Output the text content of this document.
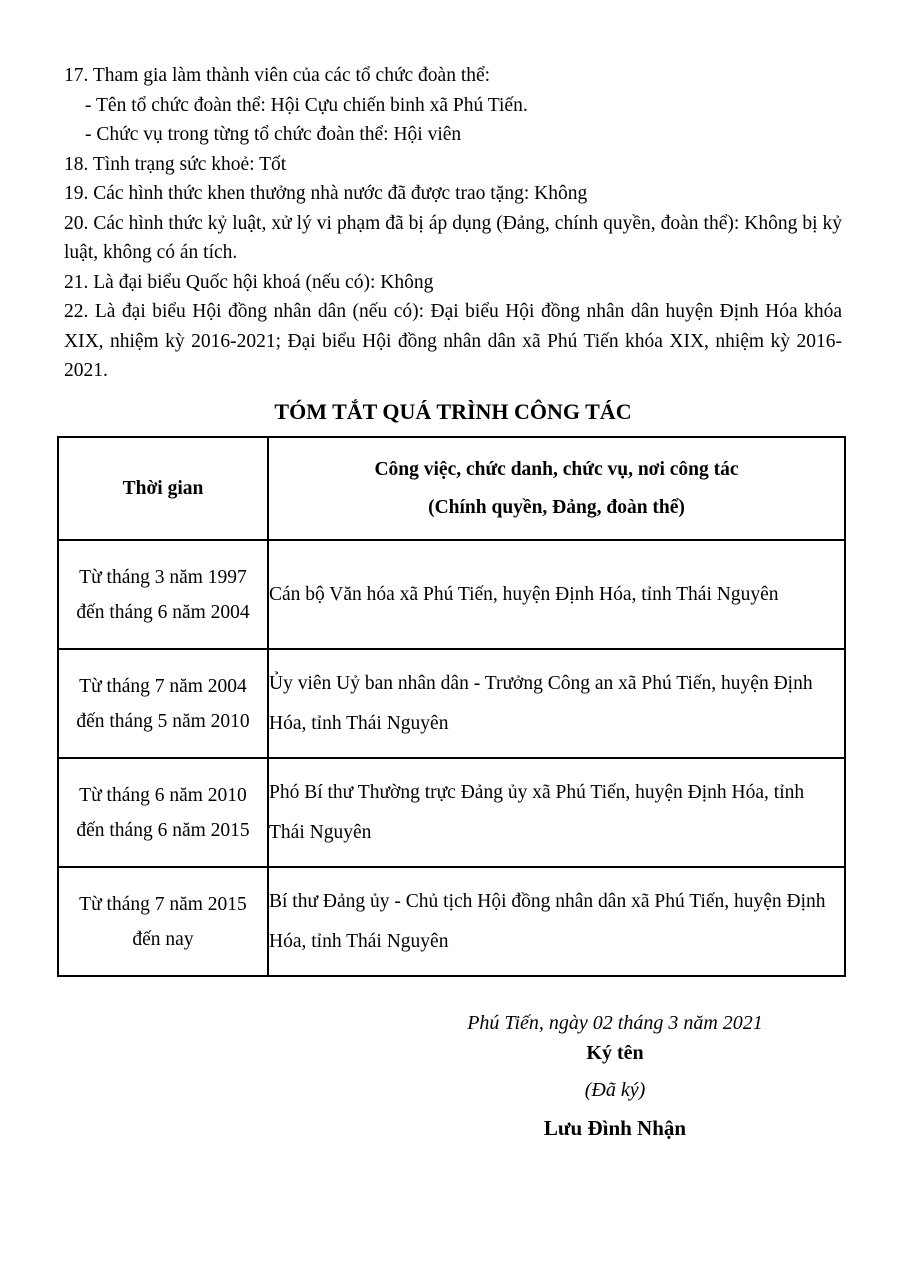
17. Tham gia làm thành viên của các tổ chức đoàn thể:

- Tên tổ chức đoàn thể: Hội Cựu chiến binh xã Phú Tiến.

- Chức vụ trong từng tổ chức đoàn thể: Hội viên

18. Tình trạng sức khoẻ: Tốt

19. Các hình thức khen thưởng nhà nước đã được trao tặng: Không

20. Các hình thức kỷ luật, xử lý vi phạm đã bị áp dụng (Đảng, chính quyền, đoàn thể): Không bị kỷ luật, không có án tích.

21. Là đại biểu Quốc hội khoá (nếu có): Không

22. Là đại biểu Hội đồng nhân dân (nếu có): Đại biểu Hội đồng nhân dân huyện Định Hóa khóa XIX, nhiệm kỳ 2016-2021; Đại biểu Hội đồng nhân dân xã Phú Tiến khóa XIX, nhiệm kỳ 2016-2021.

TÓM TẮT QUÁ TRÌNH CÔNG TÁC
Thời gian	Công việc, chức danh, chức vụ, nơi công tác
(Chính quyền, Đảng, đoàn thể)

Từ tháng 3 năm 1997
đến tháng 6 năm 2004	Cán bộ Văn hóa xã Phú Tiến, huyện Định Hóa, tỉnh Thái Nguyên

Từ tháng 7 năm 2004
đến tháng 5 năm 2010	Ủy viên Uỷ ban nhân dân - Trưởng Công an xã Phú Tiến, huyện Định Hóa, tỉnh Thái Nguyên

Từ tháng 6 năm 2010
đến tháng 6 năm 2015	Phó Bí thư Thường trực Đảng ủy xã Phú Tiến, huyện Định Hóa, tỉnh Thái Nguyên

Từ tháng 7 năm 2015
đến nay	Bí thư Đảng ủy - Chủ tịch Hội đồng nhân dân xã Phú Tiến, huyện Định Hóa, tỉnh Thái Nguyên
Phú Tiến, ngày 02 tháng 3 năm 2021
Ký tên
(Đã ký)
Lưu Đình Nhận
